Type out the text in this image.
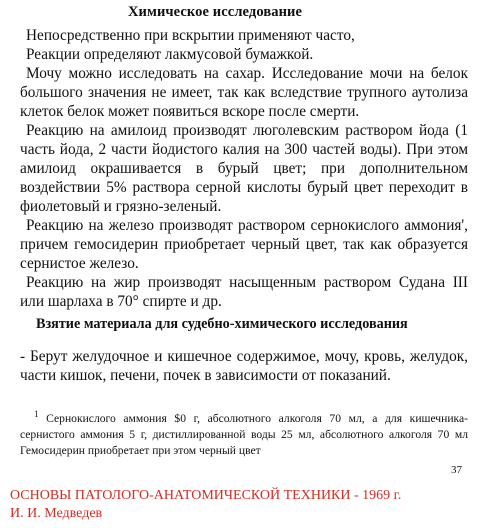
Химическое исследование

Непосредственно при вскрытии применяют часто,

Реакции определяют лакмусовой бумажкой.

Мочу можно исследовать на сахар. Исследование мочи на белок большого значения не имеет, так как вследствие трупного аутолиза клеток белок может появиться вскоре после смерти.

Реакцию на амилоид производят люголевским раствором йода (1 часть йода, 2 части йодистого калия на 300 частей воды). При этом амилоид окрашивается в бурый цвет; при дополнительном воздействии 5% раствора серной кислоты бурый цвет переходит в фиолетовый и грязно-зеленый.

Реакцию на железо производят раствором сернокислого аммония', причем гемосидерин приобретает черный цвет, так как образуется сернистое железо.

Реакцию на жир производят насыщенным раствором Судана III или шарлаха в 70° спирте и др.

Взятие материала для судебно-химического исследования
- Берут желудочное и кишечное содержимое, мочу, кровь, желудок, части кишок, печени, почек в зависимости от показаний.

$^1$ Сернокислого аммония $0 г, абсолютного алкоголя 70 мл, а для кишечника-сернистого аммония 5 г, дистиллированной воды 25 мл, абсолютного алкоголя 70 мл Гемосидерин приобретает при этом черный цвет

37
ОСНОВЫ ПАТОЛОГО-АНАТОМИЧЕСКОЙ ТЕХНИКИ - 1969 г.
И. И. Медведев
